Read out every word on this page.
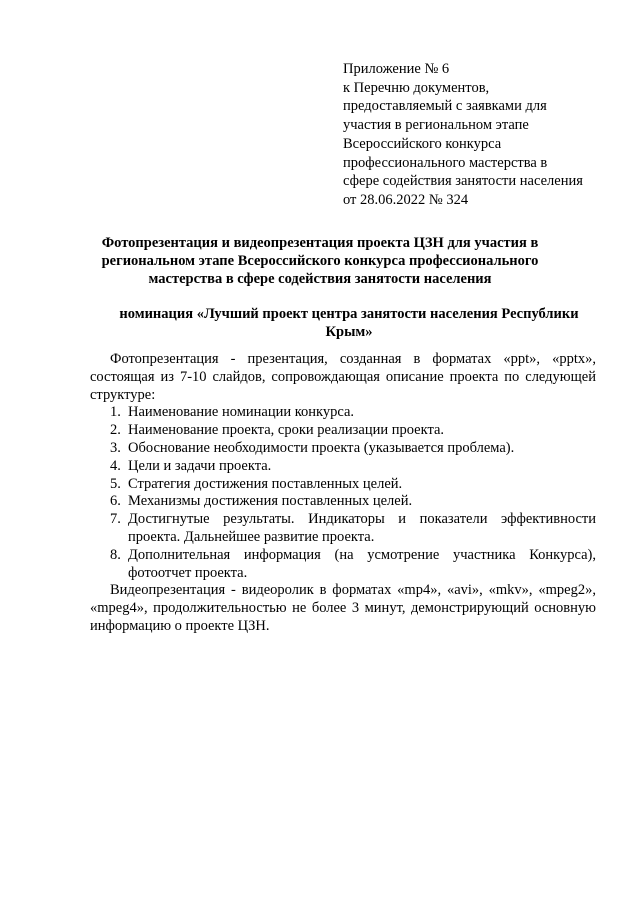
Приложение № 6
к Перечню документов,
предоставляемый с заявками для
участия в региональном этапе
Всероссийского конкурса
профессионального мастерства в
сфере содействия занятости населения
от 28.06.2022 № 324
Фотопрезентация и видеопрезентация проекта ЦЗН для участия в региональном этапе Всероссийского конкурса профессионального мастерства в сфере содействия занятости населения
номинация «Лучший проект центра занятости населения Республики Крым»

Фотопрезентация - презентация, созданная в форматах «ppt», «pptx», состоящая из 7-10 слайдов, сопровождающая описание проекта по следующей структуре:

1. Наименование номинации конкурса.
2. Наименование проекта, сроки реализации проекта.
3. Обоснование необходимости проекта (указывается проблема).
4. Цели и задачи проекта.
5. Стратегия достижения поставленных целей.
6. Механизмы достижения поставленных целей.
7. Достигнутые результаты. Индикаторы и показатели эффективности проекта. Дальнейшее развитие проекта.
8. Дополнительная информация (на усмотрение участника Конкурса), фотоотчет проекта.

Видеопрезентация - видеоролик в форматах «mp4», «avi», «mkv», «mpeg2», «mpeg4», продолжительностью не более 3 минут, демонстрирующий основную информацию о проекте ЦЗН.
